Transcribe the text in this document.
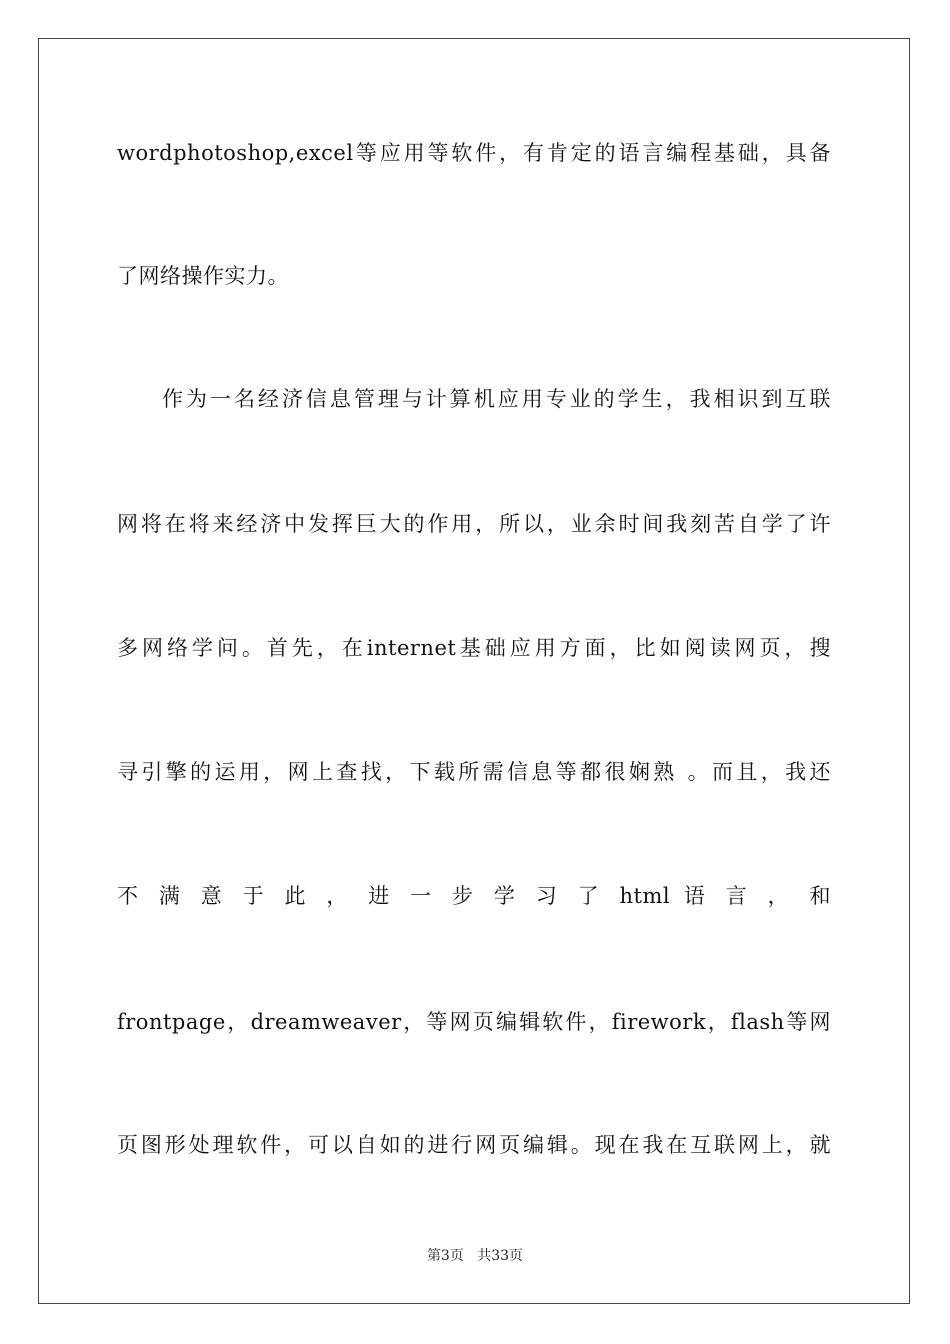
wordphotoshop,excel等应用等软件，有肯定的语言编程基础，具备
了网络操作实力。
作为一名经济信息管理与计算机应用专业的学生，我相识到互联
网将在将来经济中发挥巨大的作用，所以，业余时间我刻苦自学了许
多网络学问。首先，在internet基础应用方面，比如阅读网页，搜
寻引擎的运用，网上查找，下载所需信息等都很娴熟 。而且，我还
不 满 意 于 此 ， 进 一 步 学 习 了 html 语 言 ， 和
frontpage，dreamweaver，等网页编辑软件，firework，flash等网
页图形处理软件，可以自如的进行网页编辑。现在我在互联网上，就
第3页 共33页
